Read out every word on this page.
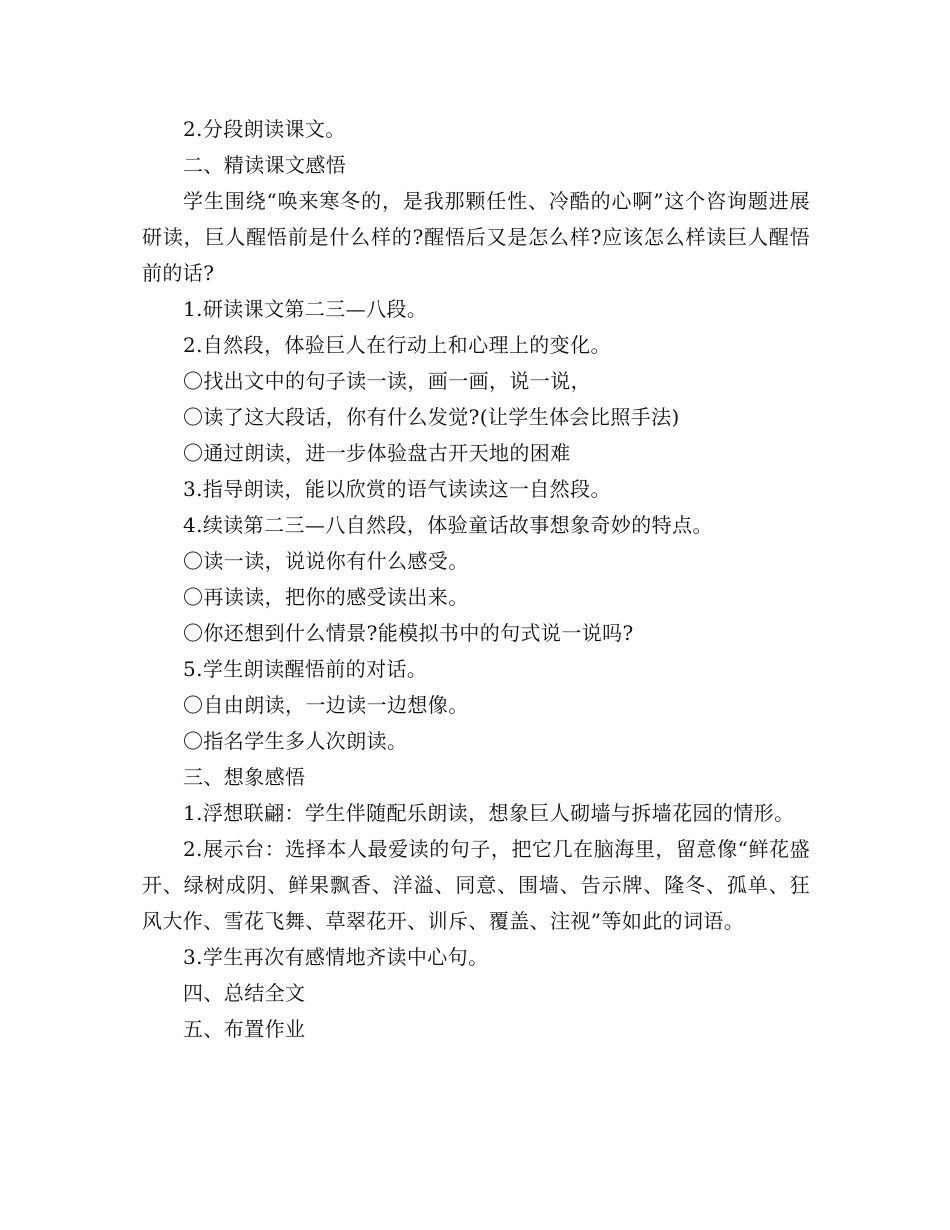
2.分段朗读课文。

二、精读课文感悟

学生围绕“唤来寒冬的，是我那颗任性、冷酷的心啊”这个咨询题进展研读，巨人醒悟前是什么样的?醒悟后又是怎么样?应该怎么样读巨人醒悟前的话?

1.研读课文第二三—八段。

2.自然段，体验巨人在行动上和心理上的变化。

〇找出文中的句子读一读，画一画，说一说，

〇读了这大段话，你有什么发觉?(让学生体会比照手法)

〇通过朗读，进一步体验盘古开天地的困难

3.指导朗读，能以欣赏的语气读读这一自然段。

4.续读第二三—八自然段，体验童话故事想象奇妙的特点。

〇读一读，说说你有什么感受。

〇再读读，把你的感受读出来。

〇你还想到什么情景?能模拟书中的句式说一说吗?

5.学生朗读醒悟前的对话。

〇自由朗读，一边读一边想像。

〇指名学生多人次朗读。

三、想象感悟

1.浮想联翩：学生伴随配乐朗读，想象巨人砌墙与拆墙花园的情形。

2.展示台：选择本人最爱读的句子，把它几在脑海里，留意像“鲜花盛开、绿树成阴、鲜果飘香、洋溢、同意、围墙、告示牌、隆冬、孤单、狂风大作、雪花飞舞、草翠花开、训斥、覆盖、注视”等如此的词语。

3.学生再次有感情地齐读中心句。

四、总结全文

五、布置作业
